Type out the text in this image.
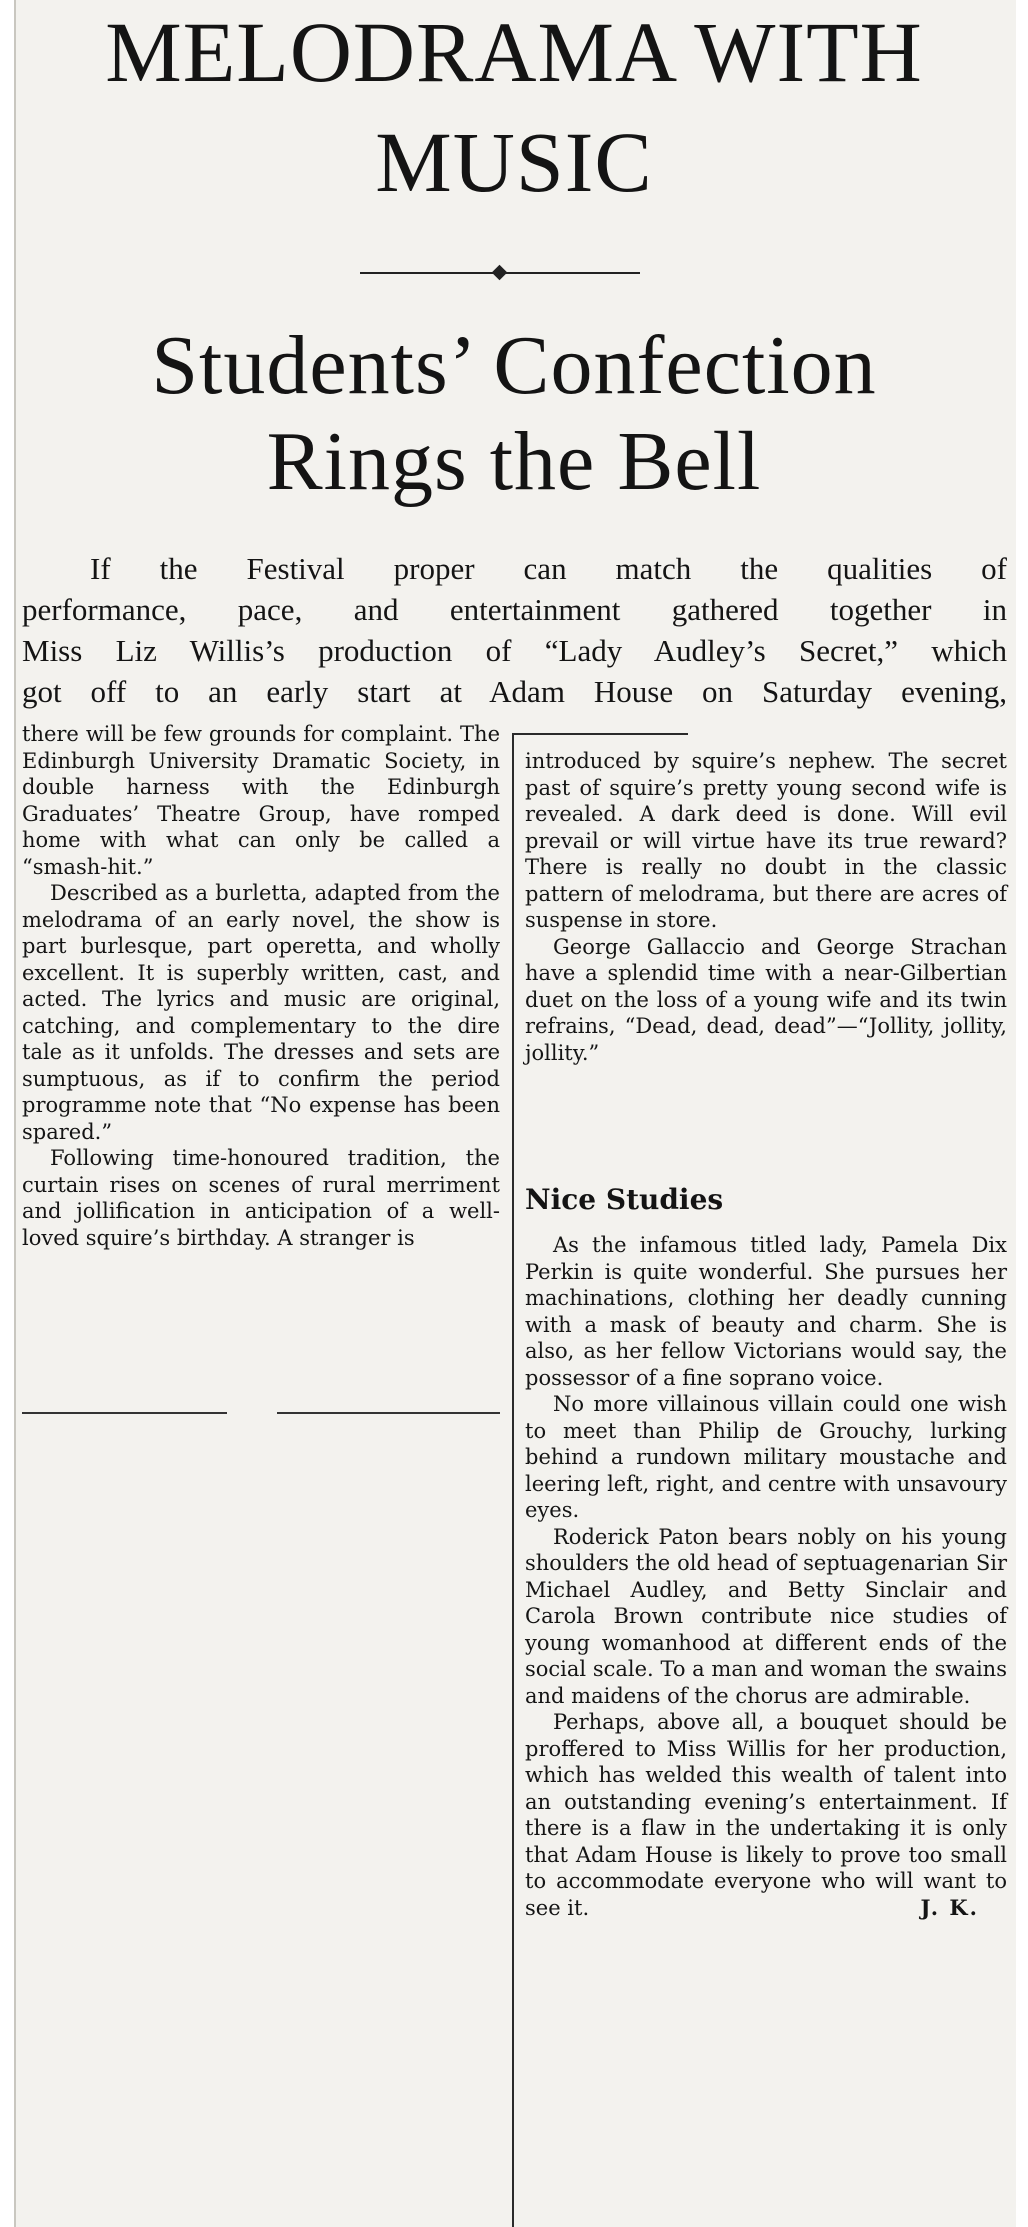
MELODRAMA WITH
MUSIC
Students’ Confection
Rings the Bell
If the Festival proper can match the qualities of
performance, pace, and entertainment gathered together in
Miss Liz Willis’s production of “Lady Audley’s Secret,” which
got off to an early start at Adam House on Saturday evening,

there will be few grounds for complaint. The Edinburgh University Dramatic Society, in double harness with the Edinburgh Graduates’ Theatre Group, have romped home with what can only be called a “smash-hit.”

Described as a burletta, adapted from the melodrama of an early novel, the show is part burlesque, part operetta, and wholly excellent. It is superbly written, cast, and acted. The lyrics and music are original, catching, and complementary to the dire tale as it unfolds. The dresses and sets are sumptuous, as if to confirm the period programme note that “No expense has been spared.”

Following time-honoured tradition, the curtain rises on scenes of rural merriment and jollification in anticipation of a well-loved squire’s birthday. A stranger is

introduced by squire’s nephew. The secret past of squire’s pretty young second wife is revealed. A dark deed is done. Will evil prevail or will virtue have its true reward? There is really no doubt in the classic pattern of melodrama, but there are acres of suspense in store.

George Gallaccio and George Strachan have a splendid time with a near-Gilbertian duet on the loss of a young wife and its twin refrains, “Dead, dead, dead”—“Jollity, jollity, jollity.”

Nice Studies

As the infamous titled lady, Pamela Dix Perkin is quite wonderful. She pursues her machinations, clothing her deadly cunning with a mask of beauty and charm. She is also, as her fellow Victorians would say, the possessor of a fine soprano voice.

No more villainous villain could one wish to meet than Philip de Grouchy, lurking behind a rundown military moustache and leering left, right, and centre with unsavoury eyes.

Roderick Paton bears nobly on his young shoulders the old head of septuagenarian Sir Michael Audley, and Betty Sinclair and Carola Brown contribute nice studies of young womanhood at different ends of the social scale. To a man and woman the swains and maidens of the chorus are admirable.

Perhaps, above all, a bouquet should be proffered to Miss Willis for her production, which has welded this wealth of talent into an outstanding evening’s entertainment. If there is a flaw in the undertaking it is only that Adam House is likely to prove too small to accommodate everyone who will want to see it.	J. K.
